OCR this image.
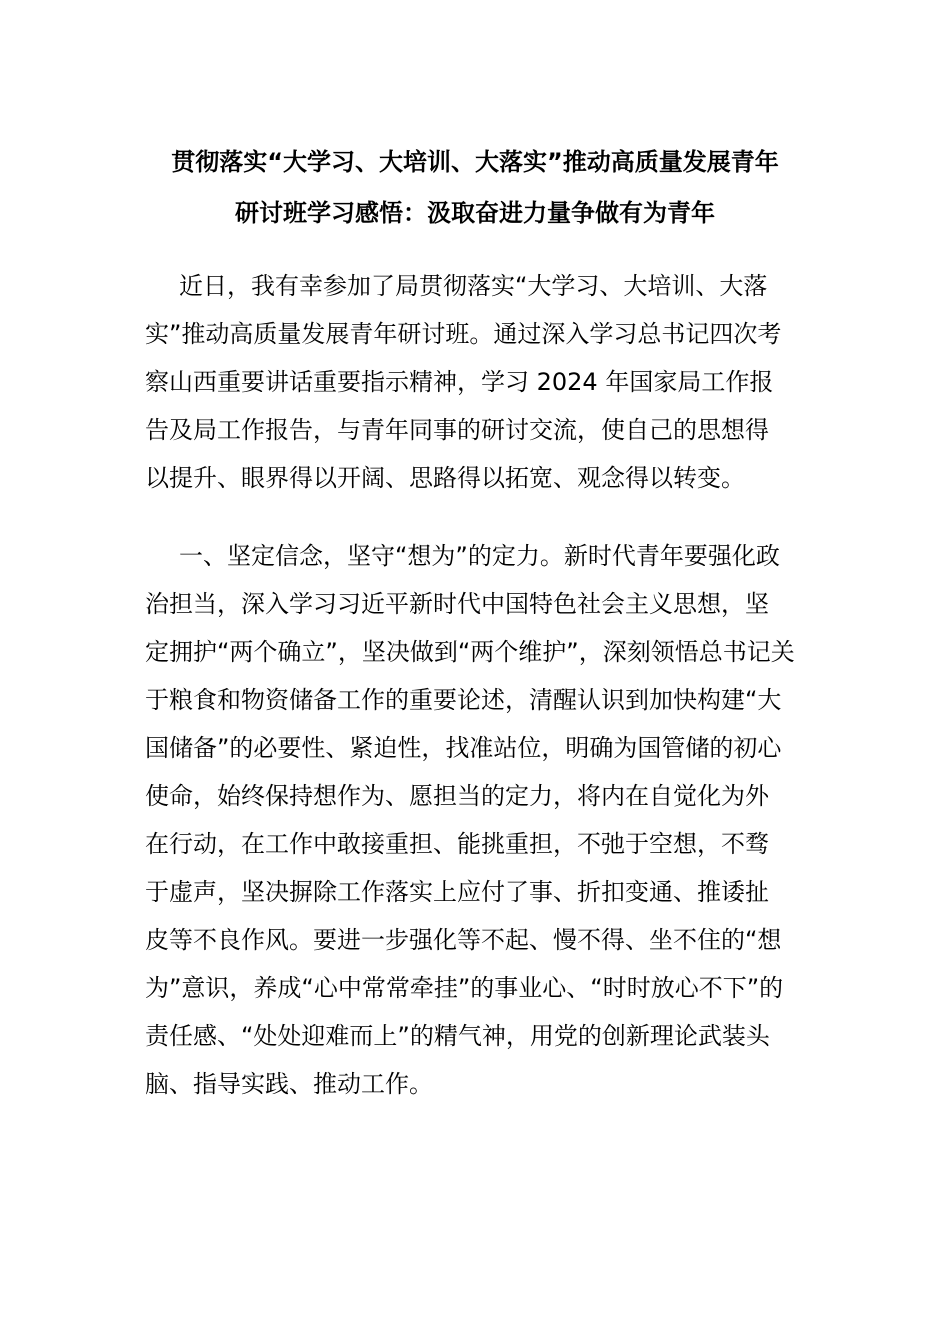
贯彻落实“大学习、大培训、大落实”推动高质量发展青年
研讨班学习感悟：汲取奋进力量争做有为青年
近日，我有幸参加了局贯彻落实“大学习、大培训、大落
实”推动高质量发展青年研讨班。通过深入学习总书记四次考
察山西重要讲话重要指示精神，学习 2024 年国家局工作报
告及局工作报告，与青年同事的研讨交流，使自己的思想得
以提升、眼界得以开阔、思路得以拓宽、观念得以转变。
一、坚定信念，坚守“想为”的定力。新时代青年要强化政
治担当，深入学习习近平新时代中国特色社会主义思想，坚
定拥护“两个确立”，坚决做到“两个维护”，深刻领悟总书记关
于粮食和物资储备工作的重要论述，清醒认识到加快构建“大
国储备”的必要性、紧迫性，找准站位，明确为国管储的初心
使命，始终保持想作为、愿担当的定力，将内在自觉化为外
在行动，在工作中敢接重担、能挑重担，不弛于空想，不骛
于虚声，坚决摒除工作落实上应付了事、折扣变通、推诿扯
皮等不良作风。要进一步强化等不起、慢不得、坐不住的“想
为”意识，养成“心中常常牵挂”的事业心、“时时放心不下”的
责任感、“处处迎难而上”的精气神，用党的创新理论武装头
脑、指导实践、推动工作。
